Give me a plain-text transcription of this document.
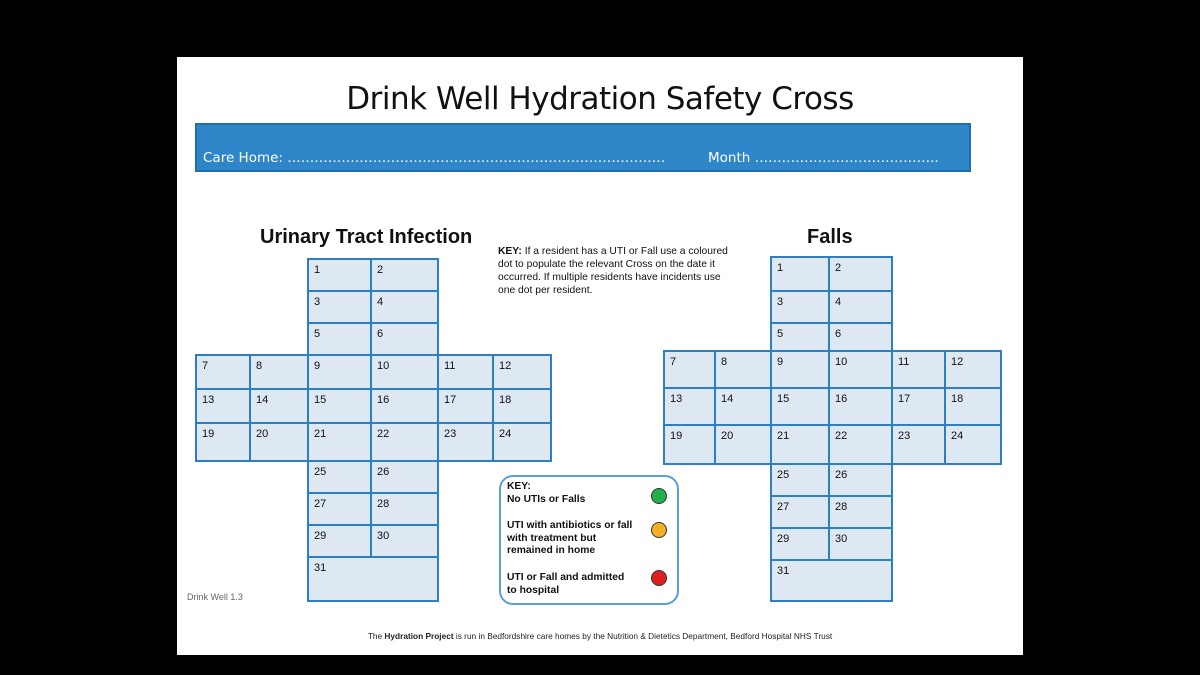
Drink Well Hydration Safety Cross
Care Home: …………………………………………………………………………	Month …………………………………..
Urinary Tract Infection
1	2
3	4
5	6
7	8	9	10	11	12
13	14	15	16	17	18
19	20	21	22	23	24
25	26
27	28
29	30
31
Falls
1	2
3	4
5	6
7	8	9	10	11	12
13	14	15	16	17	18
19	20	21	22	23	24
25	26
27	28
29	30
31
KEY: If a resident has a UTI or Fall use a coloured dot to populate the relevant Cross on the date it occurred. If multiple residents have incidents use one dot per resident.
KEY:
No UTIs or Falls
UTI with antibiotics or fall with treatment but remained in home
UTI or Fall and admitted to hospital
Drink Well 1.3
The Hydration Project is run in Bedfordshire care homes by the Nutrition & Dietetics Department, Bedford Hospital NHS Trust
